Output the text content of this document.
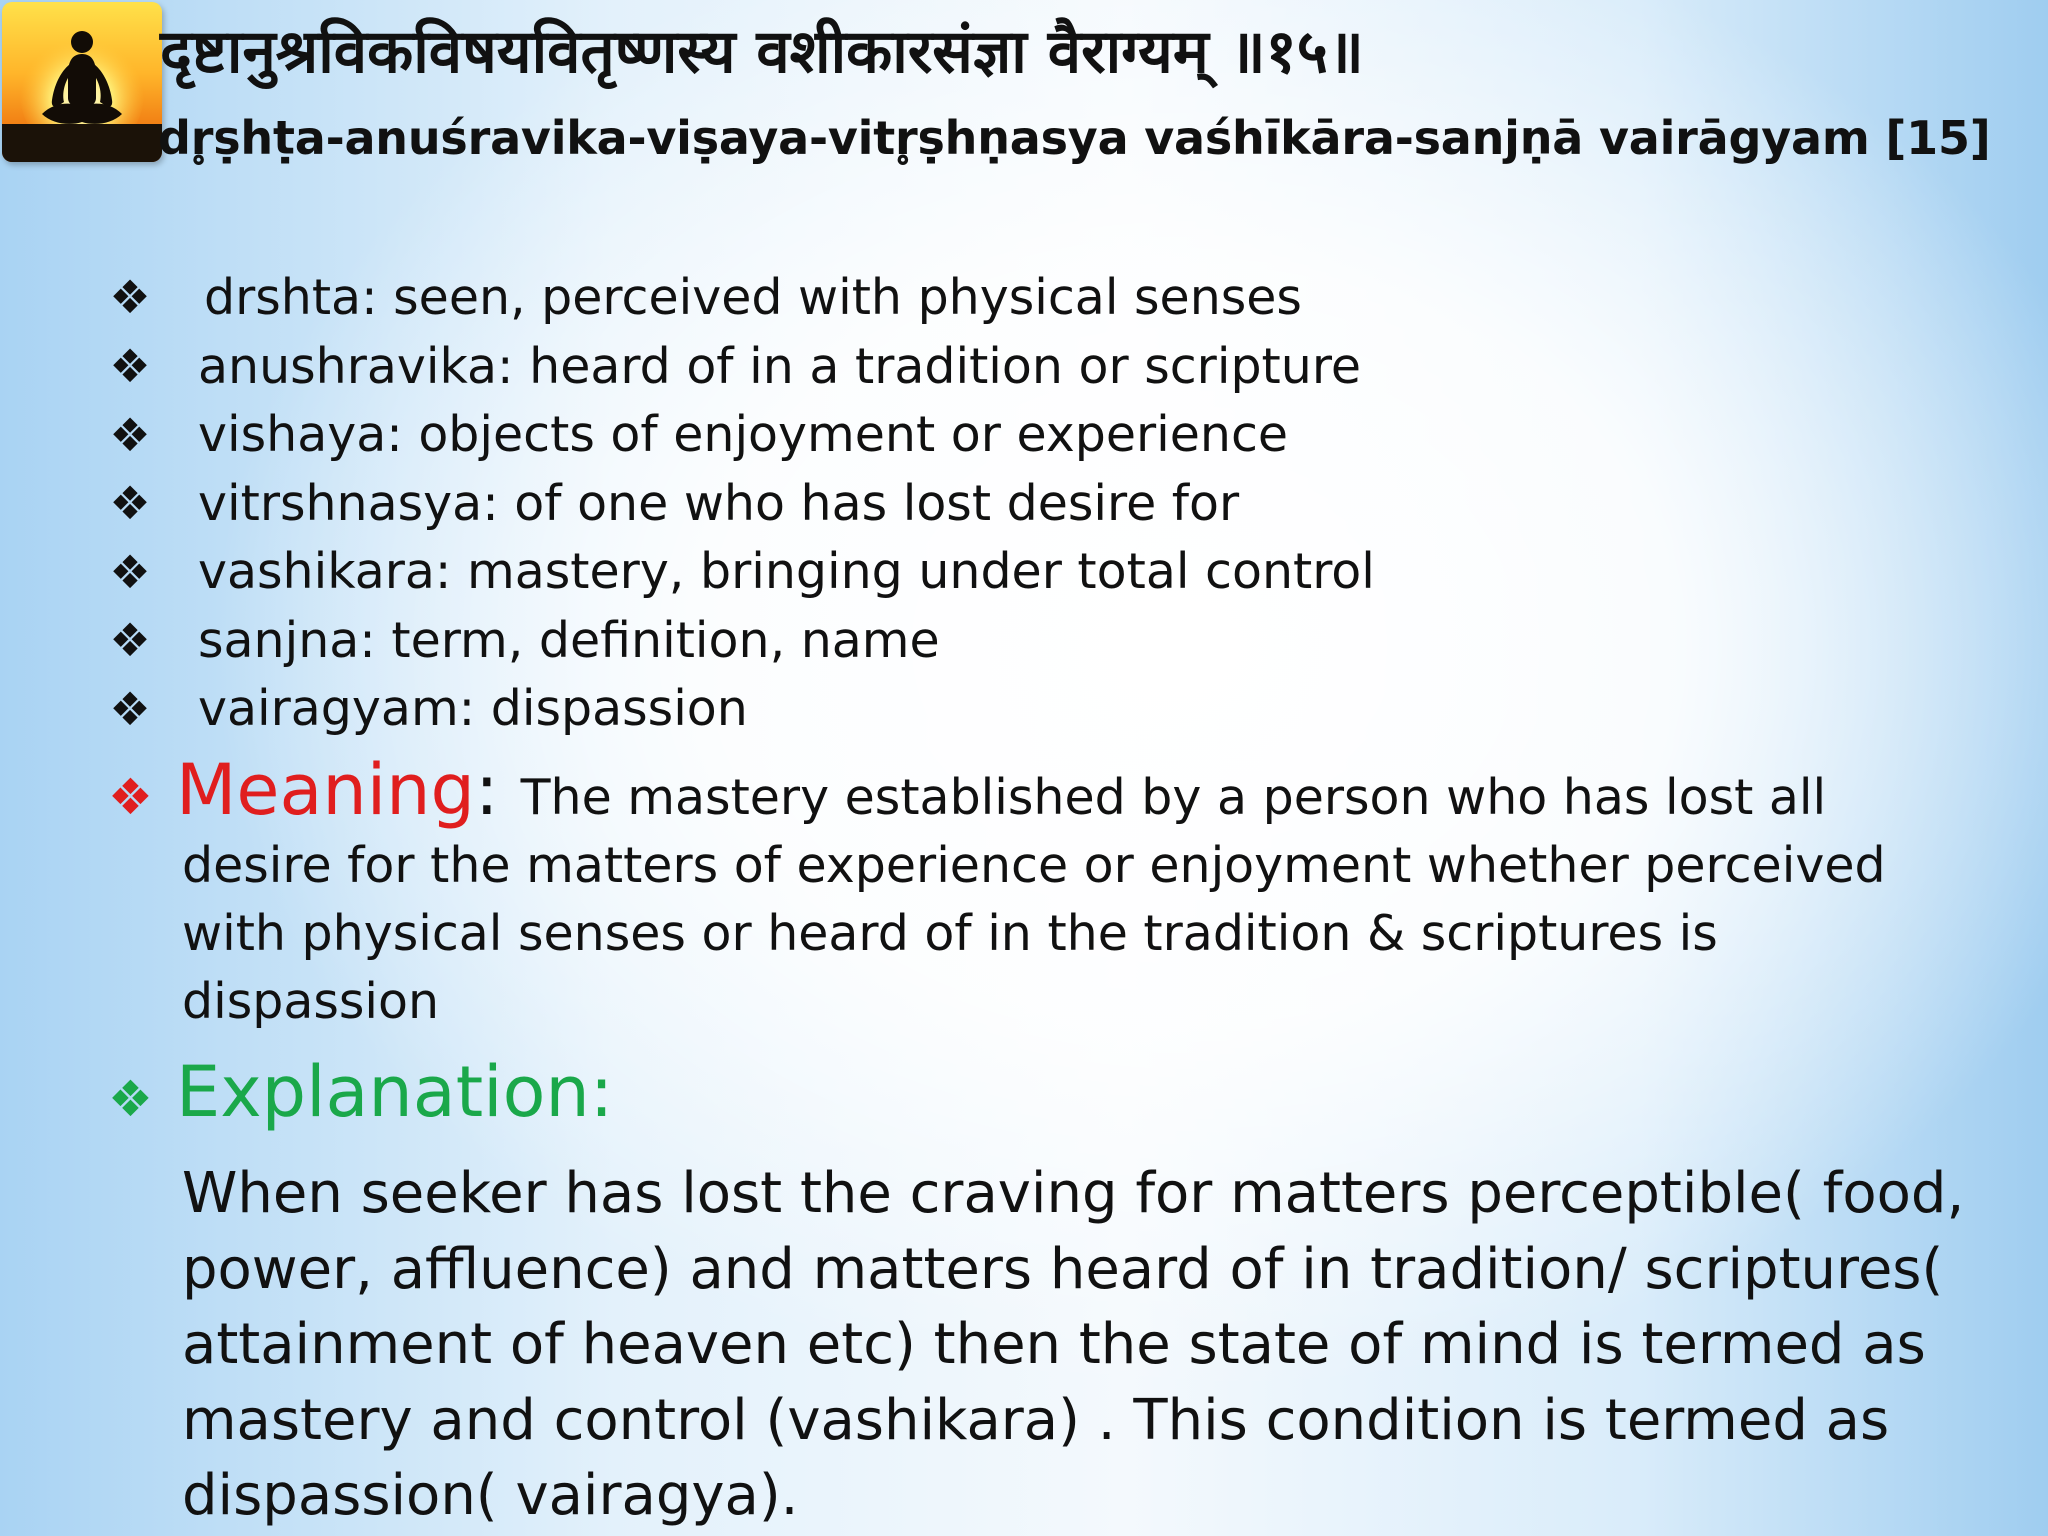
दृष्टानुश्रविकविषयवितृष्णस्य वशीकारसंज्ञा वैराग्यम् ॥१५॥
dr̥ṣhṭa-anuśravika-viṣaya-vitr̥ṣhṇasya vaśhīkāra-sanjṇā vairāgyam [15]
❖ drshta: seen, perceived with physical senses
❖ anushravika: heard of in a tradition or scripture
❖ vishaya: objects of enjoyment or experience
❖ vitrshnasya: of one who has lost desire for
❖ vashikara: mastery, bringing under total control
❖ sanjna: term, definition, name
❖ vairagyam: dispassion
❖ Meaning : The mastery established by a person who has lost all
desire for the matters of experience or enjoyment whether perceived with physical senses or heard of in the tradition & scriptures is dispassion
❖ Explanation:
When seeker has lost the craving for matters perceptible( food, power, affluence) and matters heard of in tradition/ scriptures( attainment of heaven etc) then the state of mind is termed as mastery and control (vashikara) . This condition is termed as dispassion( vairagya).
